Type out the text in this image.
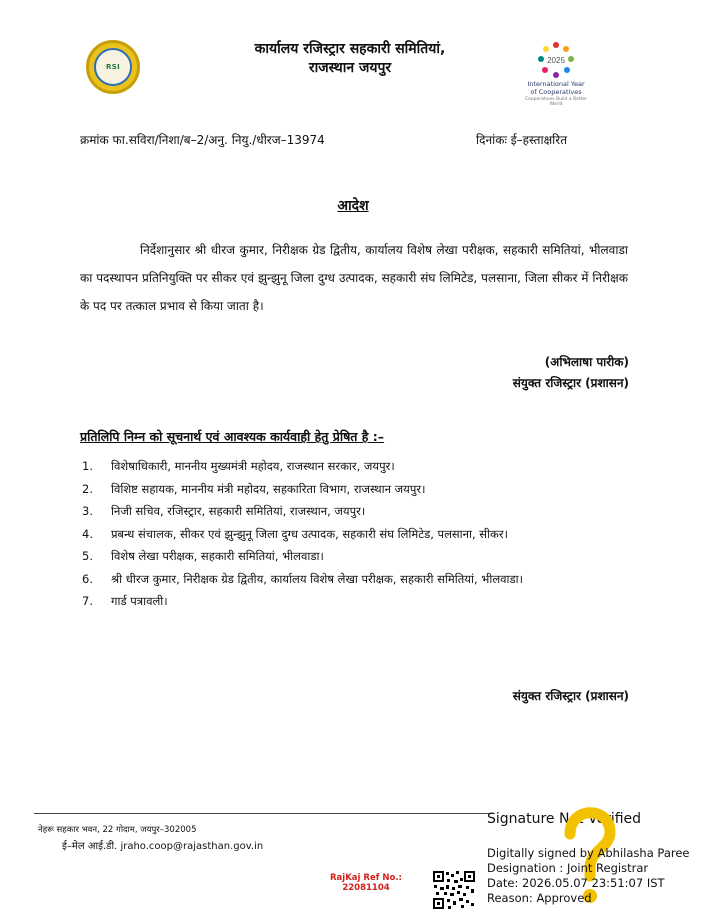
RSI
कार्यालय रजिस्ट्रार सहकारी समितियां,
राजस्थान जयपुर	2025
International Year
of Cooperatives
Cooperatives Build a Better World
क्रमांक फा.सविरा/निशा/ब–2/अनु. नियु./धीरज–13974	दिनांकः ई–हस्ताक्षरित
आदेश
निर्देशानुसार श्री धीरज कुमार, निरीक्षक ग्रेड द्वितीय, कार्यालय विशेष लेखा परीक्षक, सहकारी समितियां, भीलवाडा का पदस्थापन प्रतिनियुक्ति पर सीकर एवं झुन्झुनू जिला दुग्ध उत्पादक, सहकारी संघ लिमिटेड, पलसाना, जिला सीकर में निरीक्षक के पद पर तत्काल प्रभाव से किया जाता है।
(अभिलाषा पारीक)
संयुक्त रजिस्ट्रार (प्रशासन)
प्रतिलिपि निम्न को सूचनार्थ एवं आवश्यक कार्यवाही हेतु प्रेषित है :–
1. विशेषाधिकारी, माननीय मुख्यमंत्री महोदय, राजस्थान सरकार, जयपुर।
2. विशिष्ट सहायक, माननीय मंत्री महोदय, सहकारिता विभाग, राजस्थान जयपुर।
3. निजी सचिव, रजिस्ट्रार, सहकारी समितियां, राजस्थान, जयपुर।
4. प्रबन्ध संचालक, सीकर एवं झुन्झुनू जिला दुग्ध उत्पादक, सहकारी संघ लिमिटेड, पलसाना, सीकर।
5. विशेष लेखा परीक्षक, सहकारी समितियां, भीलवाडा।
6. श्री धीरज कुमार, निरीक्षक ग्रेड द्वितीय, कार्यालय विशेष लेखा परीक्षक, सहकारी समितियां, भीलवाडा।
7. गार्ड पत्रावली।
संयुक्त रजिस्ट्रार (प्रशासन)
नेहरू सहकार भवन, 22 गोदाम, जयपुर–302005
ई–मेल आई.डी. jraho.coop@rajasthan.gov.in
RajKaj Ref No.:
22081104
Signature Not Verified
Digitally signed by Abhilasha Paree
Designation : Joint Registrar
Date: 2026.05.07 23:51:07 IST
Reason: Approved
